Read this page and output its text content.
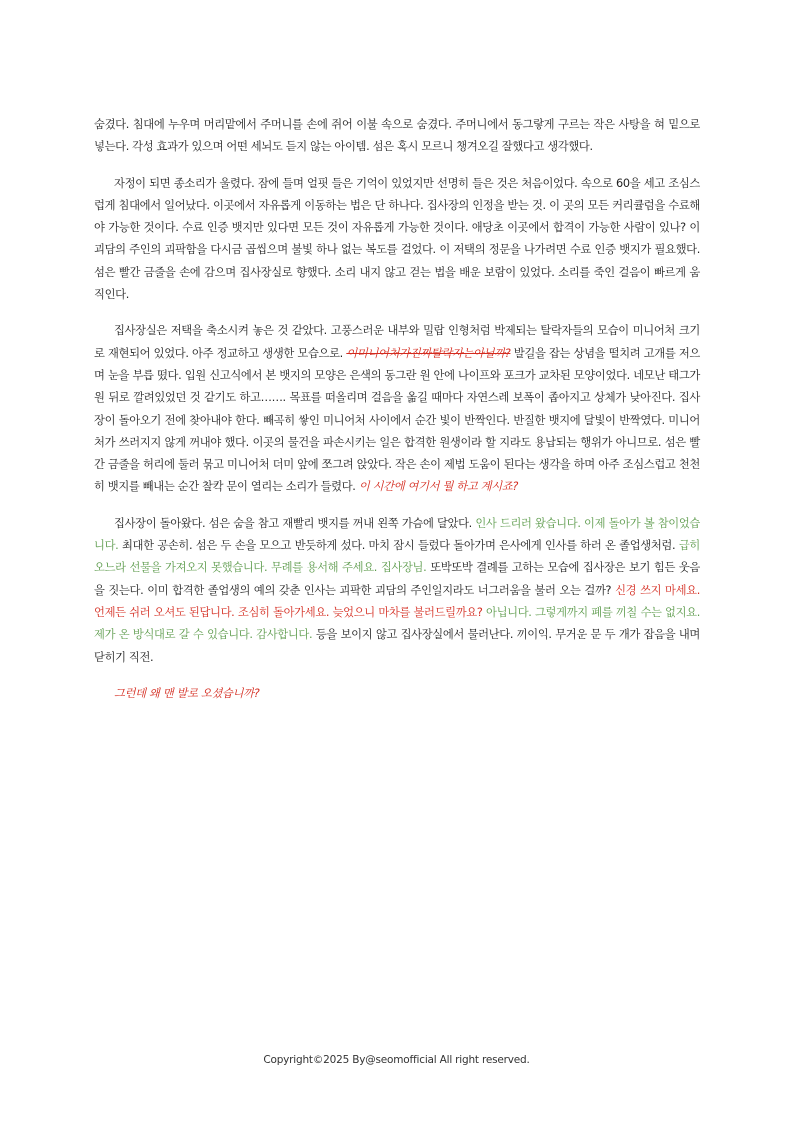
숨겼다. 침대에 누우며 머리맡에서 주머니를 손에 쥐어 이불 속으로 숨겼다. 주머니에서 동그랗게 구르는 작은 사탕을 혀 밑으로 넣는다. 각성 효과가 있으며 어떤 세뇌도 듣지 않는 아이템. 섬은 혹시 모르니 챙겨오길 잘했다고 생각했다.

자정이 되면 종소리가 울렸다. 잠에 들며 얼핏 들은 기억이 있었지만 선명히 들은 것은 처음이었다. 속으로 60을 세고 조심스럽게 침대에서 일어났다. 이곳에서 자유롭게 이동하는 법은 단 하나다. 집사장의 인정을 받는 것. 이 곳의 모든 커리큘럼을 수료해야 가능한 것이다. 수료 인증 뱃지만 있다면 모든 것이 자유롭게 가능한 것이다. 애당초 이곳에서 합격이 가능한 사람이 있나? 이 괴담의 주인의 괴팍함을 다시금 곱씹으며 불빛 하나 없는 복도를 걸었다. 이 저택의 정문을 나가려면 수료 인증 뱃지가 필요했다. 섬은 빨간 금줄을 손에 감으며 집사장실로 향했다. 소리 내지 않고 걷는 법을 배운 보람이 있었다. 소리를 죽인 걸음이 빠르게 움직인다.

집사장실은 저택을 축소시켜 놓은 것 같았다. 고풍스러운 내부와 밀랍 인형처럼 박제되는 탈락자들의 모습이 미니어처 크기로 재현되어 있었다. 아주 정교하고 생생한 모습으로. 이미니어처가진짜탈락자는아닐까? 발길을 잡는 상념을 떨치려 고개를 저으며 눈을 부릅 떴다. 입원 신고식에서 본 뱃지의 모양은 은색의 동그란 원 안에 나이프와 포크가 교차된 모양이었다. 네모난 태그가 원 뒤로 깔려있었던 것 같기도 하고……. 목표를 떠올리며 걸음을 옮길 때마다 자연스레 보폭이 좁아지고 상체가 낮아진다. 집사장이 돌아오기 전에 찾아내야 한다. 빼곡히 쌓인 미니어처 사이에서 순간 빛이 반짝인다. 반질한 뱃지에 달빛이 반짝였다. 미니어처가 쓰러지지 않게 꺼내야 했다. 이곳의 물건을 파손시키는 일은 합격한 원생이라 할 지라도 용납되는 행위가 아니므로. 섬은 빨간 금줄을 허리에 둘러 묶고 미니어처 더미 앞에 쪼그려 앉았다. 작은 손이 제법 도움이 된다는 생각을 하며 아주 조심스럽고 천천히 뱃지를 빼내는 순간 찰칵 문이 열리는 소리가 들렸다. 이 시간에 여기서 뭘 하고 계시죠?

집사장이 돌아왔다. 섬은 숨을 참고 재빨리 뱃지를 꺼내 왼쪽 가슴에 달았다. 인사 드리러 왔습니다. 이제 돌아가 볼 참이었습니다. 최대한 공손히. 섬은 두 손을 모으고 반듯하게 섰다. 마치 잠시 들렀다 돌아가며 은사에게 인사를 하러 온 졸업생처럼. 급히 오느라 선물을 가져오지 못했습니다. 무례를 용서해 주세요. 집사장님. 또박또박 결례를 고하는 모습에 집사장은 보기 힘든 웃음을 짓는다. 이미 합격한 졸업생의 예의 갖춘 인사는 괴팍한 괴담의 주인일지라도 너그러움을 불러 오는 걸까? 신경 쓰지 마세요. 언제든 쉬러 오셔도 된답니다. 조심히 돌아가세요. 늦었으니 마차를 불러드릴까요? 아닙니다. 그렇게까지 폐를 끼칠 수는 없지요. 제가 온 방식대로 갈 수 있습니다. 감사합니다. 등을 보이지 않고 집사장실에서 물러난다. 끼이익. 무거운 문 두 개가 잡음을 내며 닫히기 직전.

그런데 왜 맨 발로 오셨습니까?

Copyright©2025 By@seomofficial All right reserved.
